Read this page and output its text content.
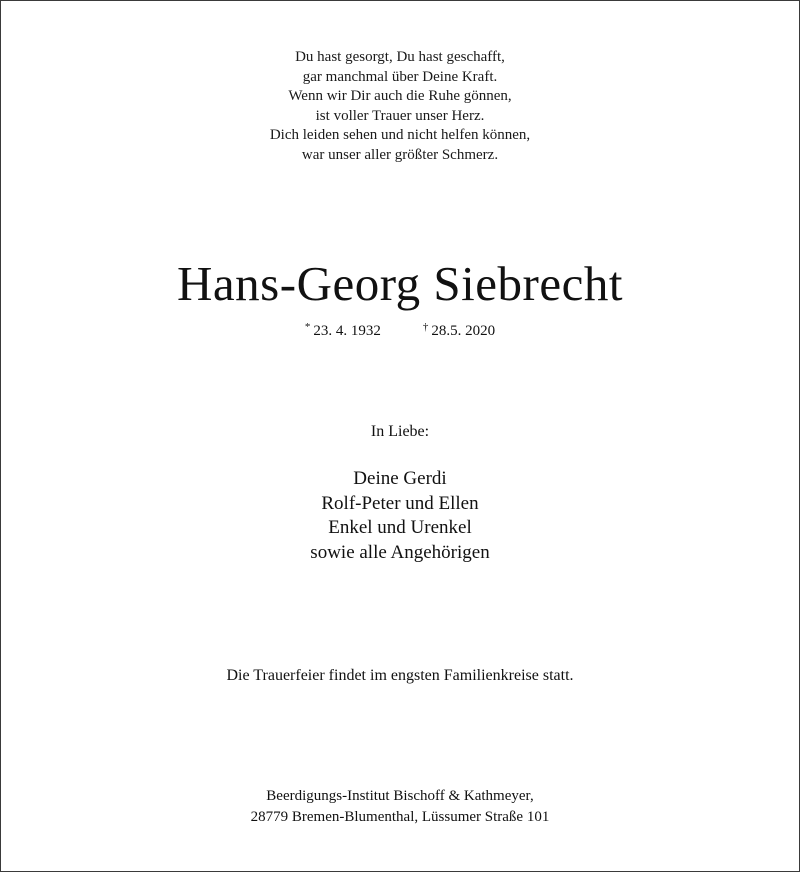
Du hast gesorgt, Du hast geschafft,
gar manchmal über Deine Kraft.
Wenn wir Dir auch die Ruhe gönnen,
ist voller Trauer unser Herz.
Dich leiden sehen und nicht helfen können,
war unser aller größter Schmerz.
Hans-Georg Siebrecht
* 23. 4. 1932	† 28.5. 2020
In Liebe:
Deine Gerdi
Rolf-Peter und Ellen
Enkel und Urenkel
sowie alle Angehörigen
Die Trauerfeier findet im engsten Familienkreise statt.
Beerdigungs-Institut Bischoff & Kathmeyer,
28779 Bremen-Blumenthal, Lüssumer Straße 101
